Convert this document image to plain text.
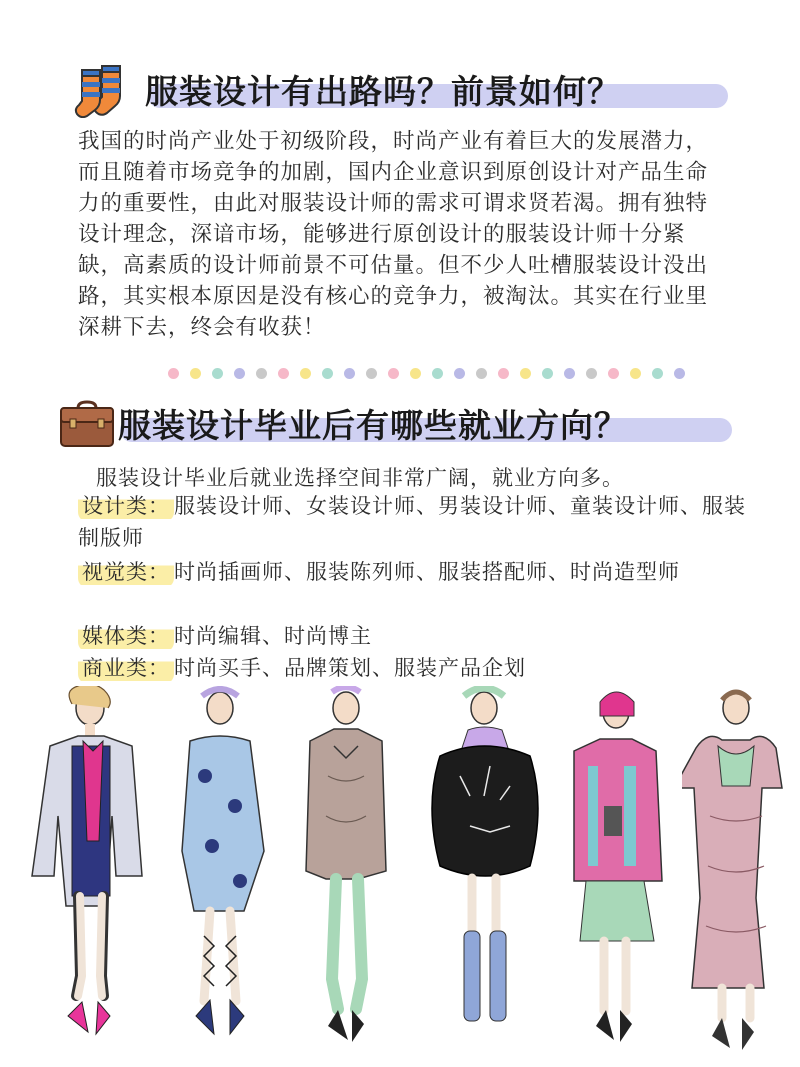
服装设计有出路吗？前景如何？
我国的时尚产业处于初级阶段，时尚产业有着巨大的发展潜力，而且随着市场竞争的加剧，国内企业意识到原创设计对产品生命力的重要性，由此对服装设计师的需求可谓求贤若渴。拥有独特设计理念，深谙市场，能够进行原创设计的服装设计师十分紧缺，高素质的设计师前景不可估量。但不少人吐槽服装设计没出路，其实根本原因是没有核心的竞争力，被淘汰。其实在行业里深耕下去，终会有收获！
服装设计毕业后有哪些就业方向？
服装设计毕业后就业选择空间非常广阔，就业方向多。
设计类： 服装设计师、女装设计师、男装设计师、童装设计师、服装制版师
视觉类： 时尚插画师、服装陈列师、服装搭配师、时尚造型师
媒体类： 时尚编辑、时尚博主
商业类： 时尚买手、品牌策划、服装产品企划
